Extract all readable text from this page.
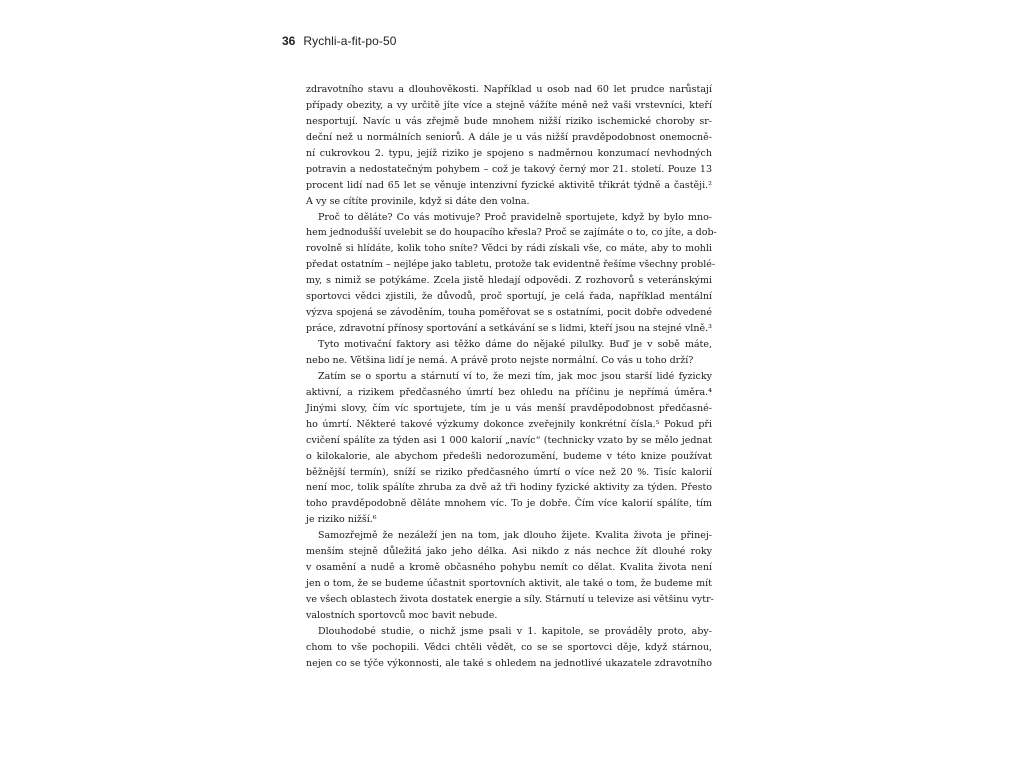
36 Rychli-a-fit-po-50
zdravotního stavu a dlouhověkosti. Například u osob nad 60 let prudce narůstají
případy obezity, a vy určitě jíte více a stejně vážíte méně než vaši vrstevníci, kteří
nesportují. Navíc u vás zřejmě bude mnohem nižší riziko ischemické choroby sr-
deční než u normálních seniorů. A dále je u vás nižší pravděpodobnost onemocně-
ní cukrovkou 2. typu, jejíž riziko je spojeno s nadměrnou konzumací nevhodných
potravin a nedostatečným pohybem – což je takový černý mor 21. století. Pouze 13
procent lidí nad 65 let se věnuje intenzivní fyzické aktivitě třikrát týdně a častěji.²
A vy se cítíte provinile, když si dáte den volna.
Proč to děláte? Co vás motivuje? Proč pravidelně sportujete, když by bylo mno-
hem jednodušší uvelebit se do houpacího křesla? Proč se zajímáte o to, co jíte, a dob-
rovolně si hlídáte, kolik toho sníte? Vědci by rádi získali vše, co máte, aby to mohli
předat ostatním – nejlépe jako tabletu, protože tak evidentně řešíme všechny problé-
my, s nimiž se potýkáme. Zcela jistě hledají odpovědi. Z rozhovorů s veteránskými
sportovci vědci zjistili, že důvodů, proč sportují, je celá řada, například mentální
výzva spojená se závoděním, touha poměřovat se s ostatními, pocit dobře odvedené
práce, zdravotní přínosy sportování a setkávání se s lidmi, kteří jsou na stejné vlně.³
Tyto motivační faktory asi těžko dáme do nějaké pilulky. Buď je v sobě máte,
nebo ne. Většina lidí je nemá. A právě proto nejste normální. Co vás u toho drží?
Zatím se o sportu a stárnutí ví to, že mezi tím, jak moc jsou starší lidé fyzicky
aktivní, a rizikem předčasného úmrtí bez ohledu na příčinu je nepřímá úměra.⁴
Jinými slovy, čím víc sportujete, tím je u vás menší pravděpodobnost předčasné-
ho úmrtí. Některé takové výzkumy dokonce zveřejnily konkrétní čísla.⁵ Pokud při
cvičení spálíte za týden asi 1 000 kalorií „navíc“ (technicky vzato by se mělo jednat
o kilokalorie, ale abychom předešli nedorozumění, budeme v této knize používat
běžnější termín), sníží se riziko předčasného úmrtí o více než 20 %. Tisíc kalorií
není moc, tolik spálíte zhruba za dvě až tři hodiny fyzické aktivity za týden. Přesto
toho pravděpodobně děláte mnohem víc. To je dobře. Čím více kalorií spálíte, tím
je riziko nižší.⁶
Samozřejmě že nezáleží jen na tom, jak dlouho žijete. Kvalita života je přinej-
menším stejně důležitá jako jeho délka. Asi nikdo z nás nechce žít dlouhé roky
v osamění a nudě a kromě občasného pohybu nemít co dělat. Kvalita života není
jen o tom, že se budeme účastnit sportovních aktivit, ale také o tom, že budeme mít
ve všech oblastech života dostatek energie a síly. Stárnutí u televize asi většinu vytr-
valostních sportovců moc bavit nebude.
Dlouhodobé studie, o nichž jsme psali v 1. kapitole, se prováděly proto, aby-
chom to vše pochopili. Vědci chtěli vědět, co se se sportovci děje, když stárnou,
nejen co se týče výkonnosti, ale také s ohledem na jednotlivé ukazatele zdravotního
